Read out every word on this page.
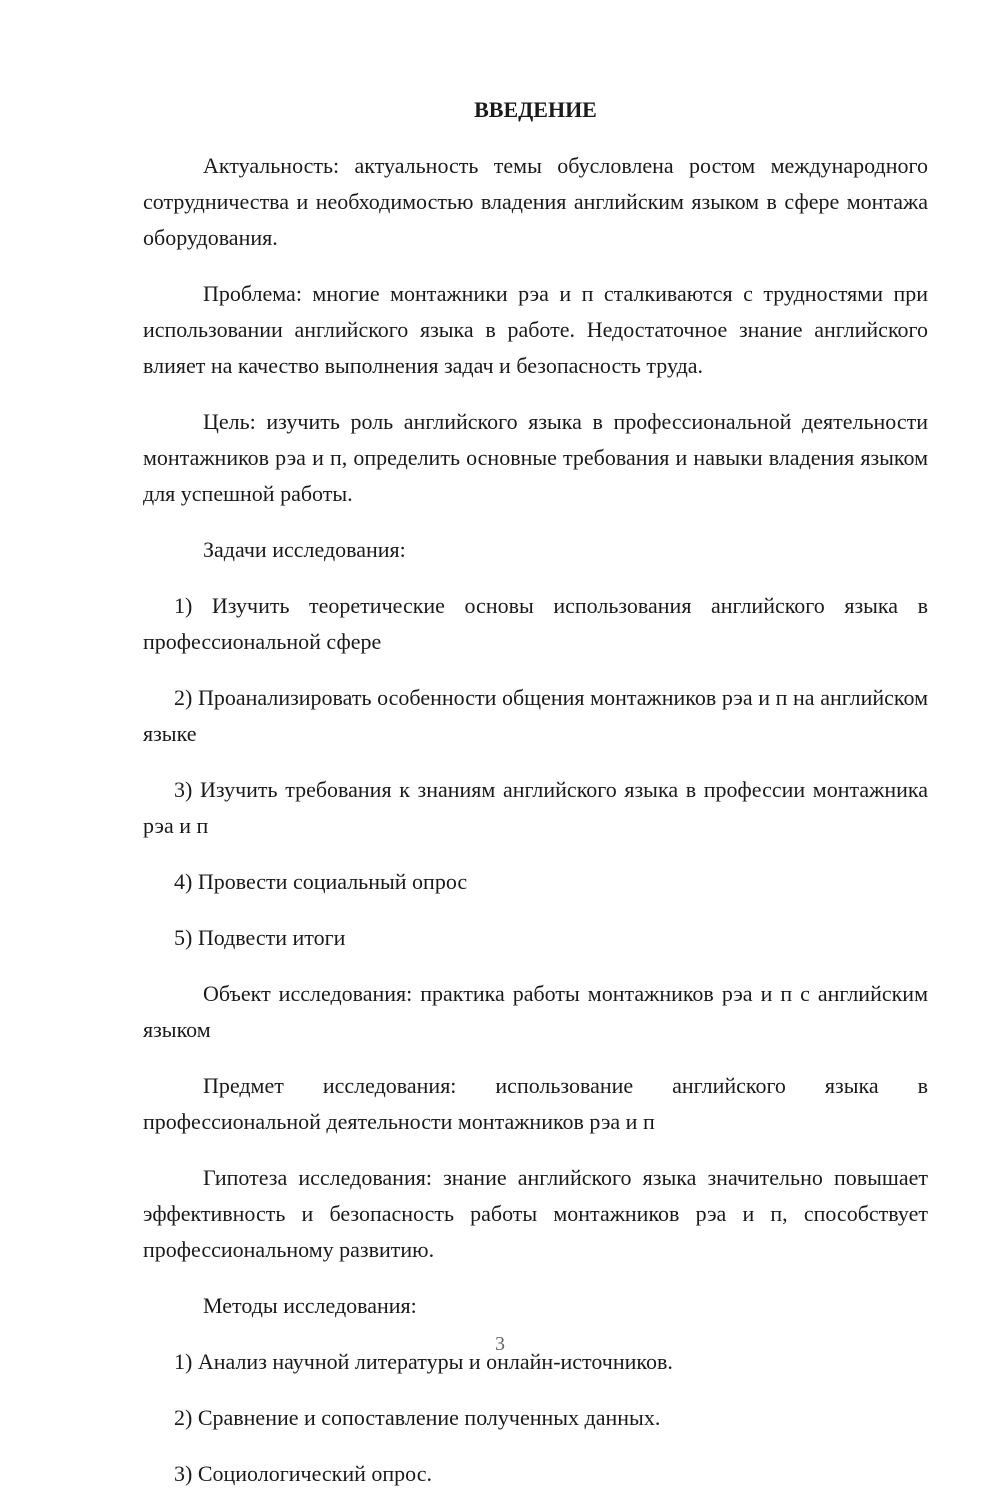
ВВЕДЕНИЕ
Актуальность: актуальность темы обусловлена ростом международного сотрудничества и необходимостью владения английским языком в сфере монтажа оборудования.
Проблема: многие монтажники рэа и п сталкиваются с трудностями при использовании английского языка в работе. Недостаточное знание английского влияет на качество выполнения задач и безопасность труда.
Цель: изучить роль английского языка в профессиональной деятельности монтажников рэа и п, определить основные требования и навыки владения языком для успешной работы.
Задачи исследования:
1) Изучить теоретические основы использования английского языка в профессиональной сфере
2) Проанализировать особенности общения монтажников рэа и п на английском языке
3) Изучить требования к знаниям английского языка в профессии монтажника рэа и п
4) Провести социальный опрос
5) Подвести итоги
Объект исследования: практика работы монтажников рэа и п с английским языком
Предмет исследования: использование английского языка в профессиональной деятельности монтажников рэа и п
Гипотеза исследования: знание английского языка значительно повышает эффективность и безопасность работы монтажников рэа и п, способствует профессиональному развитию.
Методы исследования:
1) Анализ научной литературы и онлайн-источников.
2) Сравнение и сопоставление полученных данных.
3) Социологический опрос.
3
